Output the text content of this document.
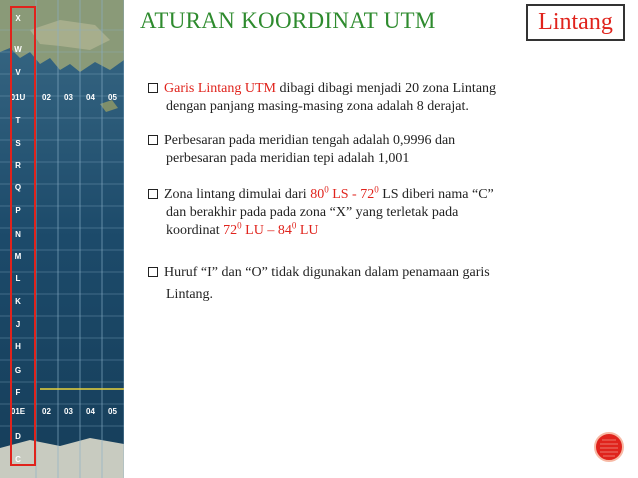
X
W
V
01U
T
S
R
Q
P
N
M
L
K
J
H
G
F
01E
D
C
02 03 04 05
02 03 04 05
ATURAN KOORDINAT UTM	Lintang
Garis Lintang UTM dibagi dibagi menjadi 20 zona Lintang
dengan panjang masing-masing zona adalah 8 derajat.
Perbesaran pada meridian tengah adalah 0,9996 dan
perbesaran pada meridian tepi adalah 1,001
Zona lintang dimulai dari $80^0$ LS - $72^0$ LS diberi nama “C”
dan berakhir pada pada zona “X” yang terletak pada
koordinat $72^0$ LU – $84^0$ LU
Huruf “I” dan “O” tidak digunakan dalam penamaan garis
Lintang.
